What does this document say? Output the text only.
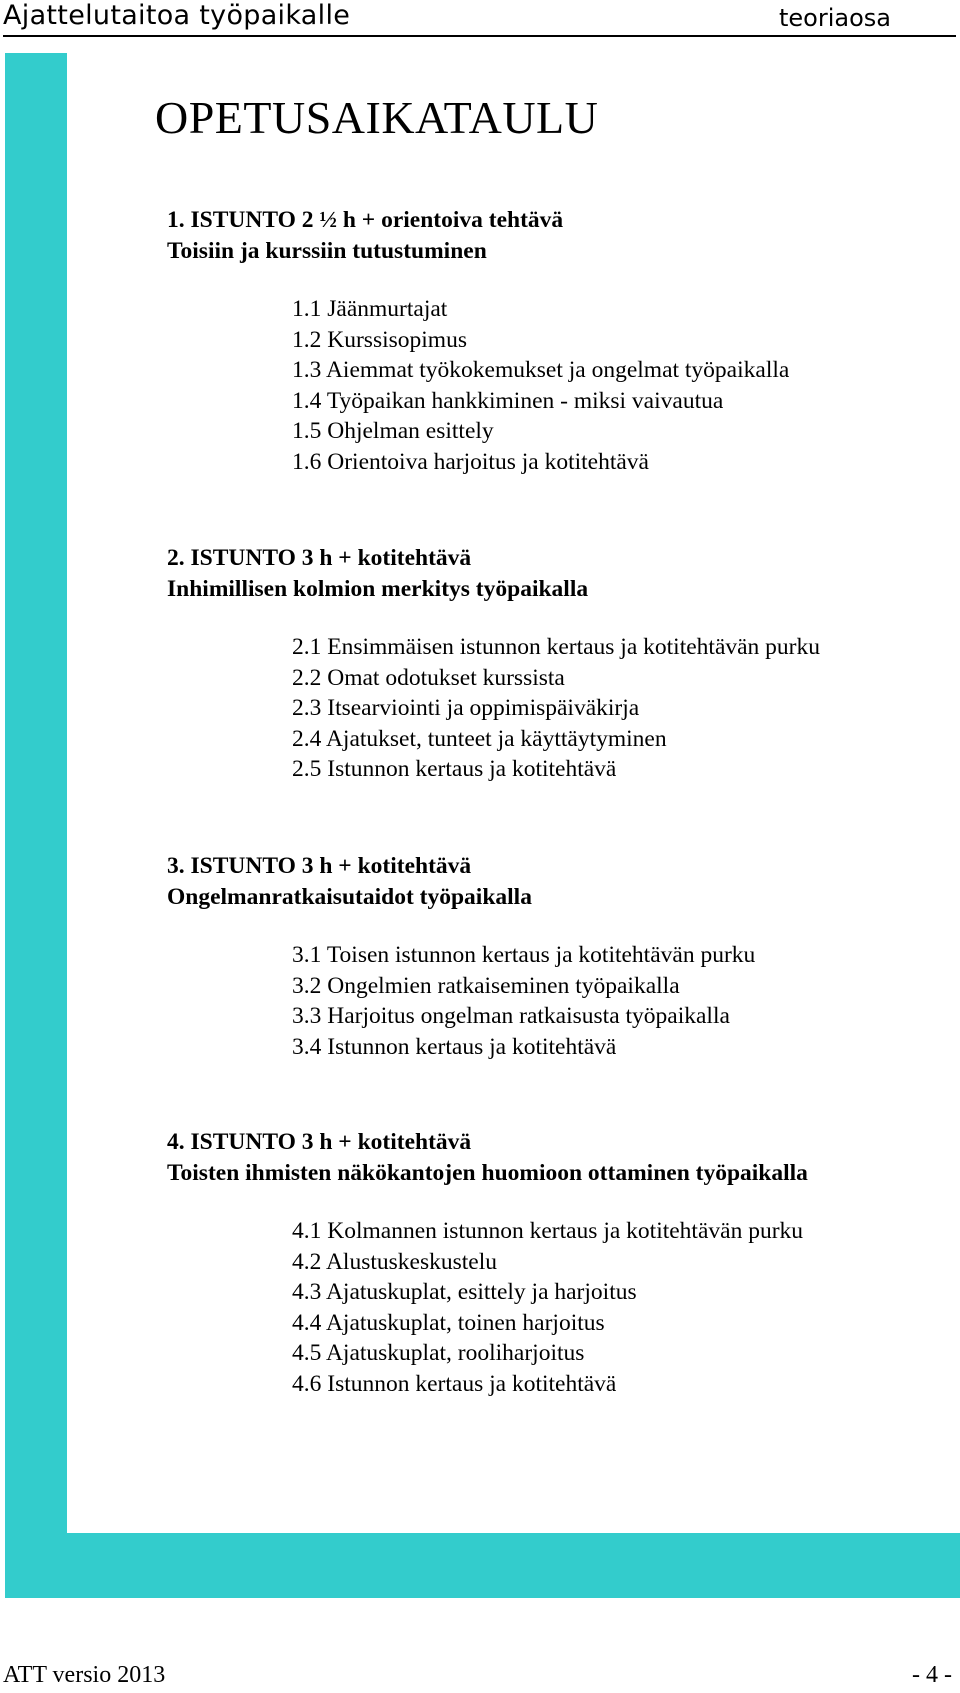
Ajattelutaitoa työpaikalle	teoriaosa
OPETUSAIKATAULU
1. ISTUNTO 2 ½ h + orientoiva tehtävä
Toisiin ja kurssiin tutustuminen
1.1 Jäänmurtajat
1.2 Kurssisopimus
1.3 Aiemmat työkokemukset ja ongelmat työpaikalla
1.4 Työpaikan hankkiminen - miksi vaivautua
1.5 Ohjelman esittely
1.6 Orientoiva harjoitus ja kotitehtävä
2. ISTUNTO 3 h + kotitehtävä
Inhimillisen kolmion merkitys työpaikalla
2.1 Ensimmäisen istunnon kertaus ja kotitehtävän purku
2.2 Omat odotukset kurssista
2.3 Itsearviointi ja oppimispäiväkirja
2.4 Ajatukset, tunteet ja käyttäytyminen
2.5 Istunnon kertaus ja kotitehtävä
3. ISTUNTO 3 h + kotitehtävä
Ongelmanratkaisutaidot työpaikalla
3.1 Toisen istunnon kertaus ja kotitehtävän purku
3.2 Ongelmien ratkaiseminen työpaikalla
3.3 Harjoitus ongelman ratkaisusta työpaikalla
3.4 Istunnon kertaus ja kotitehtävä
4. ISTUNTO 3 h + kotitehtävä
Toisten ihmisten näkökantojen huomioon ottaminen työpaikalla
4.1 Kolmannen istunnon kertaus ja kotitehtävän purku
4.2 Alustuskeskustelu
4.3 Ajatuskuplat, esittely ja harjoitus
4.4 Ajatuskuplat, toinen harjoitus
4.5 Ajatuskuplat, rooliharjoitus
4.6 Istunnon kertaus ja kotitehtävä
ATT versio 2013	- 4 -
